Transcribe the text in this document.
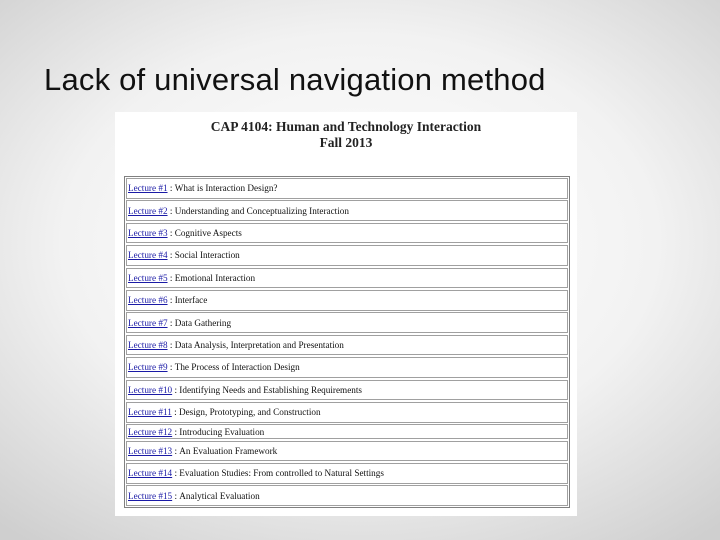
Lack of universal navigation method
CAP 4104: Human and Technology Interaction
Fall 2013
Lecture #1 : What is Interaction Design?
Lecture #2 : Understanding and Conceptualizing Interaction
Lecture #3 : Cognitive Aspects
Lecture #4 : Social Interaction
Lecture #5 : Emotional Interaction
Lecture #6 : Interface
Lecture #7 : Data Gathering
Lecture #8 : Data Analysis, Interpretation and Presentation
Lecture #9 : The Process of Interaction Design
Lecture #10 : Identifying Needs and Establishing Requirements
Lecture #11 : Design, Prototyping, and Construction
Lecture #12 : Introducing Evaluation
Lecture #13 : An Evaluation Framework
Lecture #14 : Evaluation Studies: From controlled to Natural Settings
Lecture #15 : Analytical Evaluation
